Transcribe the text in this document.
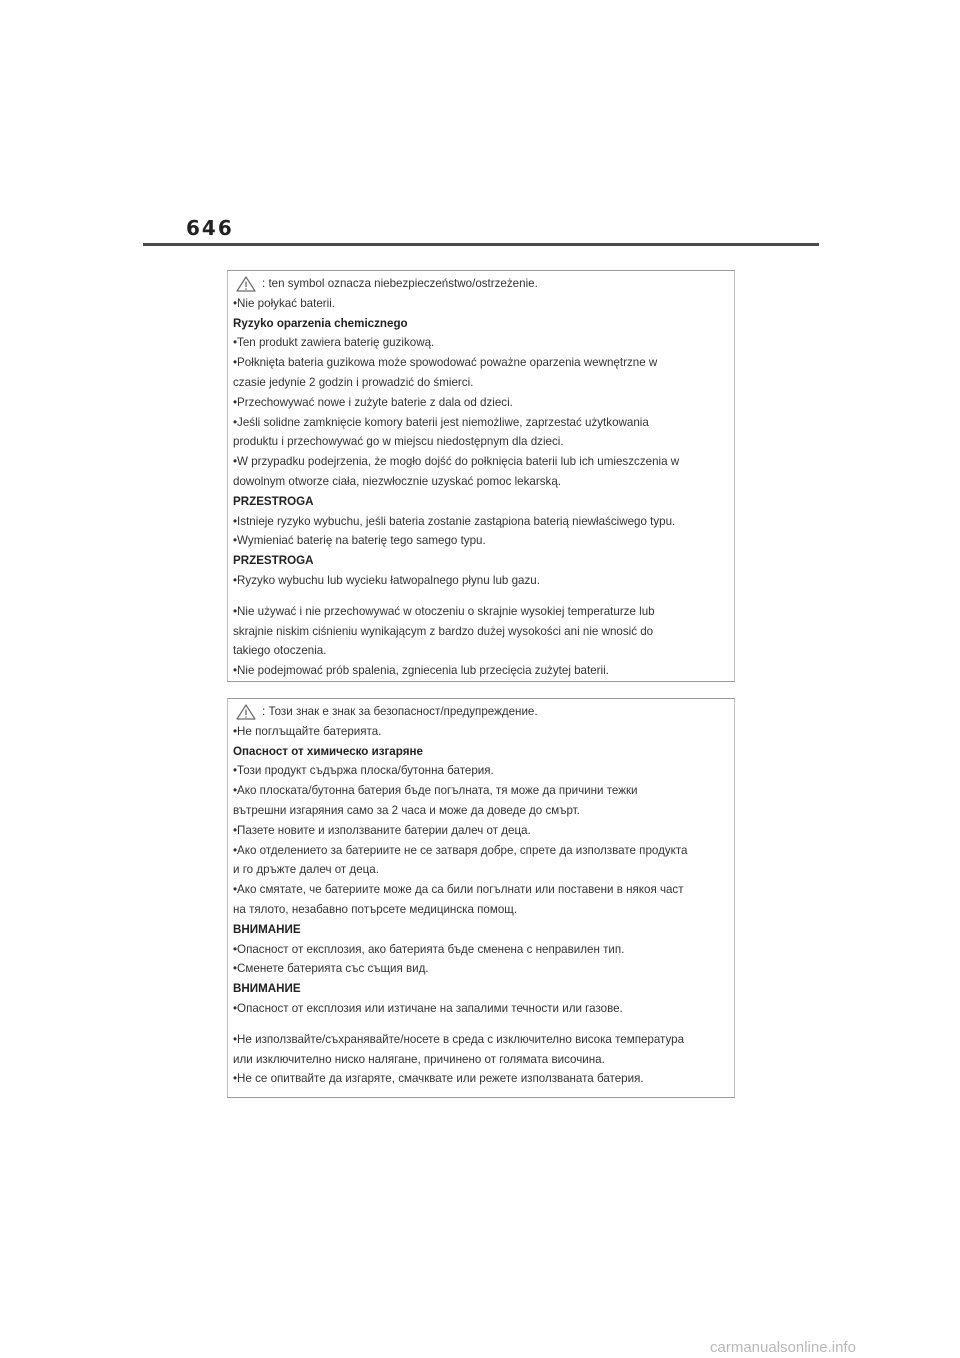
646
: ten symbol oznacza niebezpieczeństwo/ostrzeżenie.
•Nie połykać baterii.
Ryzyko oparzenia chemicznego
•Ten produkt zawiera baterię guzikową.
•Połknięta bateria guzikowa może spowodować poważne oparzenia wewnętrzne w
czasie jedynie 2 godzin i prowadzić do śmierci.
•Przechowywać nowe i zużyte baterie z dala od dzieci.
•Jeśli solidne zamknięcie komory baterii jest niemożliwe, zaprzestać użytkowania
produktu i przechowywać go w miejscu niedostępnym dla dzieci.
•W przypadku podejrzenia, że mogło dojść do połknięcia baterii lub ich umieszczenia w
dowolnym otworze ciała, niezwłocznie uzyskać pomoc lekarską.
PRZESTROGA
•Istnieje ryzyko wybuchu, jeśli bateria zostanie zastąpiona baterią niewłaściwego typu.
•Wymieniać baterię na baterię tego samego typu.
PRZESTROGA
•Ryzyko wybuchu lub wycieku łatwopalnego płynu lub gazu.
•Nie używać i nie przechowywać w otoczeniu o skrajnie wysokiej temperaturze lub
skrajnie niskim ciśnieniu wynikającym z bardzo dużej wysokości ani nie wnosić do
takiego otoczenia.
•Nie podejmować prób spalenia, zgniecenia lub przecięcia zużytej baterii.
: Този знак е знак за безопасност/предупреждение.
•Не поглъщайте батерията.
Опасност от химическо изгаряне
•Този продукт съдържа плоска/бутонна батерия.
•Ако плоската/бутонна батерия бъде погълната, тя може да причини тежки
вътрешни изгаряния само за 2 часа и може да доведе до смърт.
•Пазете новите и използваните батерии далеч от деца.
•Ако отделението за батериите не се затваря добре, спрете да използвате продукта
и го дръжте далеч от деца.
•Ако смятате, че батериите може да са били погълнати или поставени в някоя част
на тялото, незабавно потърсете медицинска помощ.
ВНИМАНИЕ
•Опасност от експлозия, ако батерията бъде сменена с неправилен тип.
•Сменете батерията със същия вид.
ВНИМАНИЕ
•Опасност от експлозия или изтичане на запалими течности или газове.
•Не използвайте/съхранявайте/носете в среда с изключително висока температура
или изключително ниско налягане, причинено от голямата височина.
•Не се опитвайте да изгаряте, смачквате или режете използваната батерия.
carmanualsonline.info
